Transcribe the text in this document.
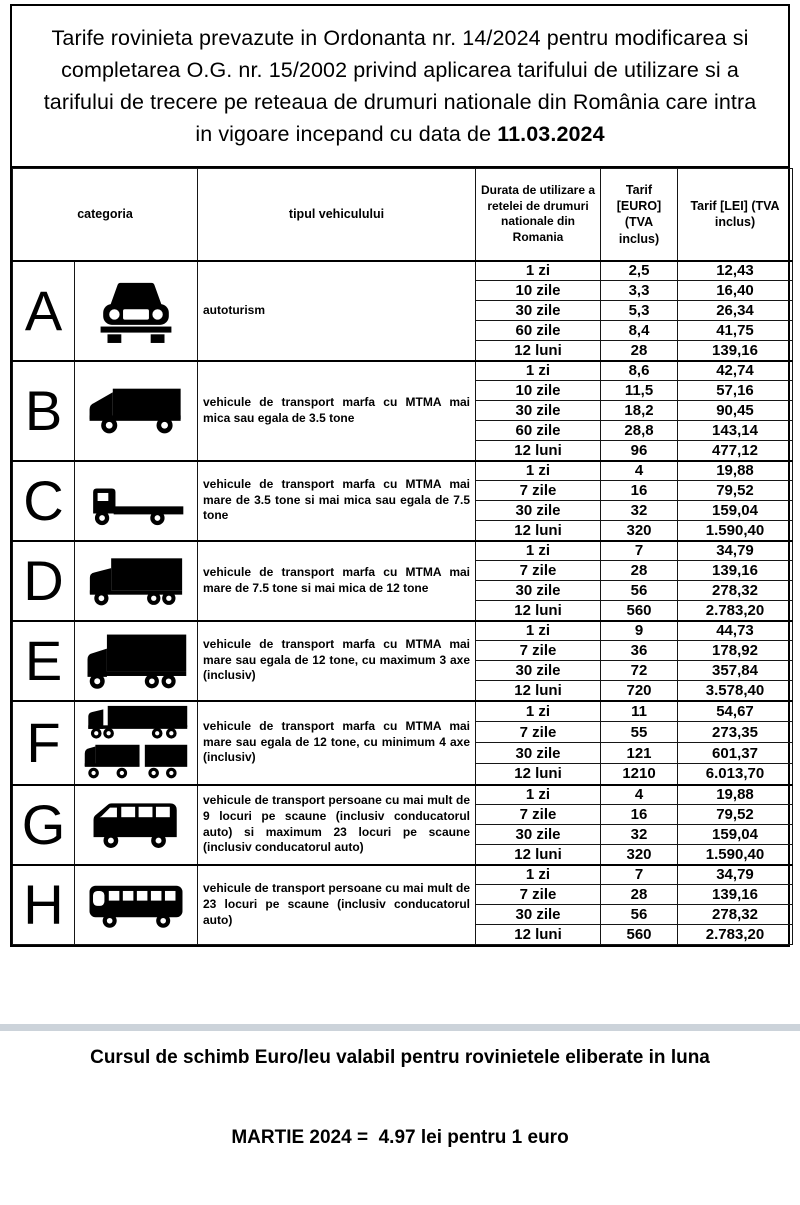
Tarife rovinieta prevazute in Ordonanta nr. 14/2024 pentru modificarea si completarea O.G. nr. 15/2002 privind aplicarea tarifului de utilizare si a tarifului de trecere pe reteaua de drumuri nationale din România care intra in vigoare incepand cu data de 11.03.2024
categoria		tipul vehiculului	Durata de utilizare a retelei de drumuri nationale din Romania	Tarif [EURO] (TVA inclus)	Tarif [LEI] (TVA inclus)
A		autoturism	1 zi	2,5	12,43
			10 zile	3,3	16,40
			30 zile	5,3	26,34
			60 zile	8,4	41,75
			12 luni	28	139,16
B		vehicule de transport marfa cu MTMA mai mica sau egala de 3.5 tone	1 zi	8,6	42,74
			10 zile	11,5	57,16
			30 zile	18,2	90,45
			60 zile	28,8	143,14
			12 luni	96	477,12
C		vehicule de transport marfa cu MTMA mai mare de 3.5 tone si mai mica sau egala de 7.5 tone	1 zi	4	19,88
			7 zile	16	79,52
			30 zile	32	159,04
			12 luni	320	1.590,40
D		vehicule de transport marfa cu MTMA mai mare de 7.5 tone si mai mica de 12 tone	1 zi	7	34,79
			7 zile	28	139,16
			30 zile	56	278,32
			12 luni	560	2.783,20
E		vehicule de transport marfa cu MTMA mai mare sau egala de 12 tone, cu maximum 3 axe (inclusiv)	1 zi	9	44,73
			7 zile	36	178,92
			30 zile	72	357,84
			12 luni	720	3.578,40
F		vehicule de transport marfa cu MTMA mai mare sau egala de 12 tone, cu minimum 4 axe (inclusiv)	1 zi	11	54,67
			7 zile	55	273,35
			30 zile	121	601,37
			12 luni	1210	6.013,70
G		vehicule de transport persoane cu mai mult de 9 locuri pe scaune (inclusiv conducatorul auto) si maximum 23 locuri pe scaune (inclusiv conducatorul auto)	1 zi	4	19,88
			7 zile	16	79,52
			30 zile	32	159,04
			12 luni	320	1.590,40
H		vehicule de transport persoane cu mai mult de 23 locuri pe scaune (inclusiv conducatorul auto)	1 zi	7	34,79
			7 zile	28	139,16
			30 zile	56	278,32
			12 luni	560	2.783,20

Cursul de schimb Euro/leu valabil pentru rovinietele eliberate in luna

MARTIE 2024 =  4.97 lei pentru 1 euro
